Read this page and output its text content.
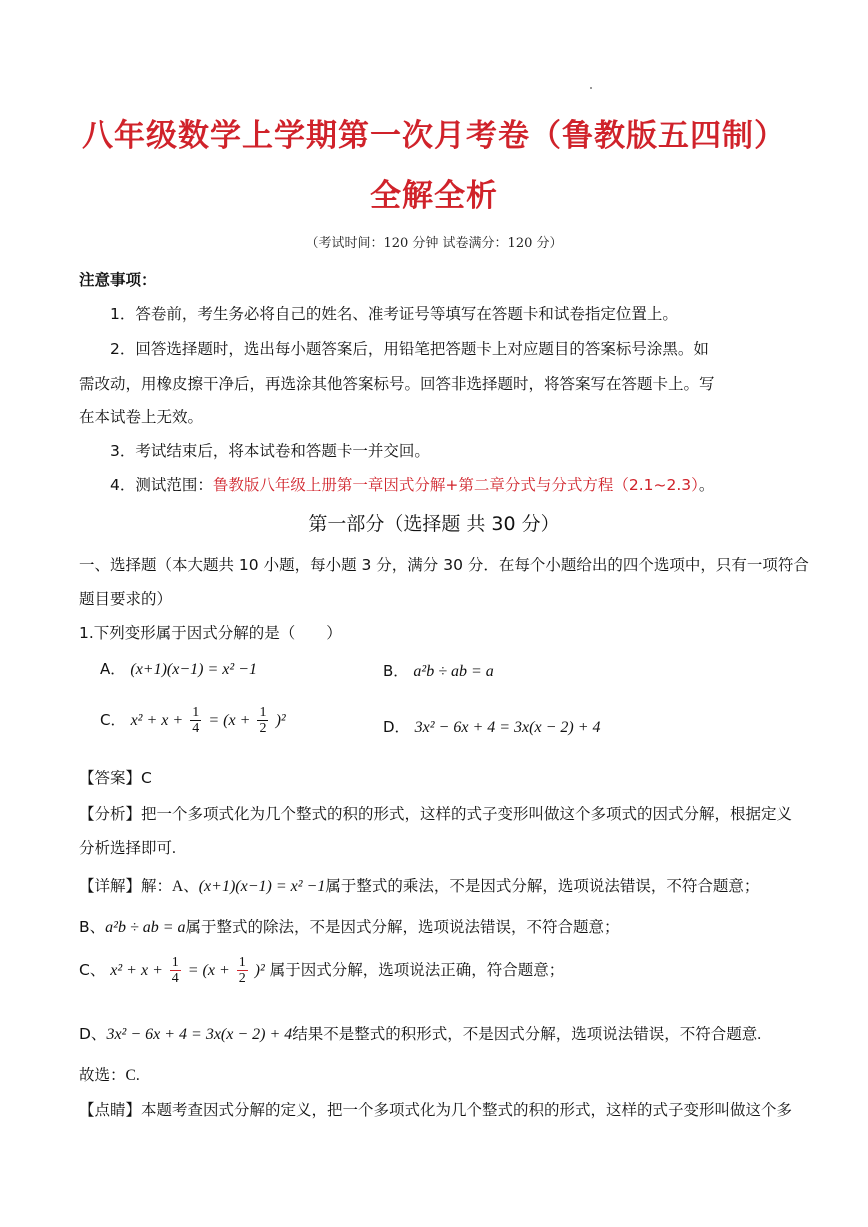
八年级数学上学期第一次月考卷（鲁教版五四制）
全解全析
（考试时间：120 分钟 试卷满分：120 分）
注意事项：
1．答卷前，考生务必将自己的姓名、准考证号等填写在答题卡和试卷指定位置上。
2．回答选择题时，选出每小题答案后，用铅笔把答题卡上对应题目的答案标号涂黑。如
需改动，用橡皮擦干净后，再选涂其他答案标号。回答非选择题时，将答案写在答题卡上。写
在本试卷上无效。
3．考试结束后，将本试卷和答题卡一并交回。
4．测试范围：鲁教版八年级上册第一章因式分解+第二章分式与分式方程（2.1~2.3）。
第一部分（选择题 共 30 分）
一、选择题（本大题共 10 小题，每小题 3 分，满分 30 分．在每个小题给出的四个选项中，只有一项符合
题目要求的）
1.下列变形属于因式分解的是（　　）
A． (x+1)(x−1) = x² −1	B． a²b ÷ ab = a
C． $x^2 + x + \frac{1}{4} = (x + \frac{1}{2} )^2$	D． 3x² − 6x + 4 = 3x(x − 2) + 4
【答案】C
【分析】把一个多项式化为几个整式的积的形式，这样的式子变形叫做这个多项式的因式分解，根据定义
分析选择即可.
【详解】解：A、(x+1)(x−1) = x² −1属于整式的乘法，不是因式分解，选项说法错误，不符合题意；
B、a²b ÷ ab = a属于整式的除法，不是因式分解，选项说法错误，不符合题意；
C、 $x^2 + x + \frac{1}{4} = (x + \frac{1}{2} )^2$ 属于因式分解，选项说法正确，符合题意；
D、3x² − 6x + 4 = 3x(x − 2) + 4结果不是整式的积形式，不是因式分解，选项说法错误，不符合题意.
故选：C.
【点睛】本题考查因式分解的定义，把一个多项式化为几个整式的积的形式，这样的式子变形叫做这个多
